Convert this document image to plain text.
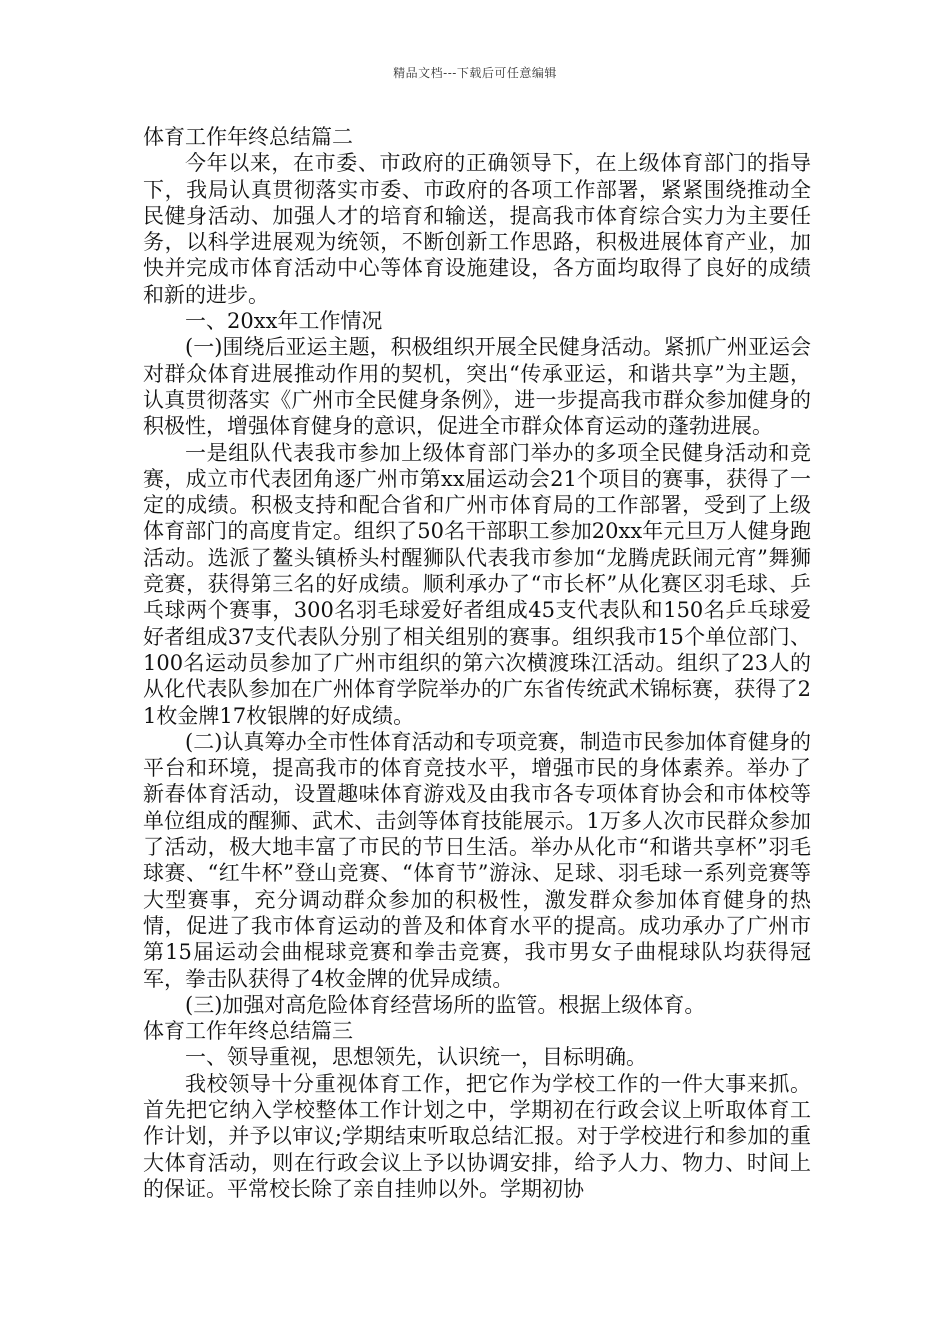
精品文档---下载后可任意编辑

体育工作年终总结篇二

今年以来，在市委、市政府的正确领导下，在上级体育部门的指导下，我局认真贯彻落实市委、市政府的各项工作部署，紧紧围绕推动全民健身活动、加强人才的培育和输送，提高我市体育综合实力为主要任务，以科学进展观为统领，不断创新工作思路，积极进展体育产业，加快并完成市体育活动中心等体育设施建设，各方面均取得了良好的成绩和新的进步。

一、20xx年工作情况

(一)围绕后亚运主题，积极组织开展全民健身活动。紧抓广州亚运会对群众体育进展推动作用的契机，突出“传承亚运，和谐共享”为主题，认真贯彻落实《广州市全民健身条例》，进一步提高我市群众参加健身的积极性，增强体育健身的意识，促进全市群众体育运动的蓬勃进展。

一是组队代表我市参加上级体育部门举办的多项全民健身活动和竞赛，成立市代表团角逐广州市第xx届运动会21个项目的赛事，获得了一定的成绩。积极支持和配合省和广州市体育局的工作部署，受到了上级体育部门的高度肯定。组织了50名干部职工参加20xx年元旦万人健身跑活动。选派了鳌头镇桥头村醒狮队代表我市参加“龙腾虎跃闹元宵”舞狮竞赛，获得第三名的好成绩。顺利承办了“市长杯”从化赛区羽毛球、乒乓球两个赛事，300名羽毛球爱好者组成45支代表队和150名乒乓球爱好者组成37支代表队分别了相关组别的赛事。组织我市15个单位部门、100名运动员参加了广州市组织的第六次横渡珠江活动。组织了23人的从化代表队参加在广州体育学院举办的广东省传统武术锦标赛，获得了21枚金牌17枚银牌的好成绩。

(二)认真筹办全市性体育活动和专项竞赛，制造市民参加体育健身的平台和环境，提高我市的体育竞技水平，增强市民的身体素养。举办了新春体育活动，设置趣味体育游戏及由我市各专项体育协会和市体校等单位组成的醒狮、武术、击剑等体育技能展示。1万多人次市民群众参加了活动，极大地丰富了市民的节日生活。举办从化市“和谐共享杯”羽毛球赛、“红牛杯”登山竞赛、“体育节”游泳、足球、羽毛球一系列竞赛等大型赛事，充分调动群众参加的积极性，激发群众参加体育健身的热情，促进了我市体育运动的普及和体育水平的提高。成功承办了广州市第15届运动会曲棍球竞赛和拳击竞赛，我市男女子曲棍球队均获得冠军，拳击队获得了4枚金牌的优异成绩。

(三)加强对高危险体育经营场所的监管。根据上级体育。

体育工作年终总结篇三

一、领导重视，思想领先，认识统一，目标明确。

我校领导十分重视体育工作，把它作为学校工作的一件大事来抓。首先把它纳入学校整体工作计划之中，学期初在行政会议上听取体育工作计划，并予以审议;学期结束听取总结汇报。对于学校进行和参加的重大体育活动，则在行政会议上予以协调安排，给予人力、物力、时间上的保证。平常校长除了亲自挂帅以外。学期初协
